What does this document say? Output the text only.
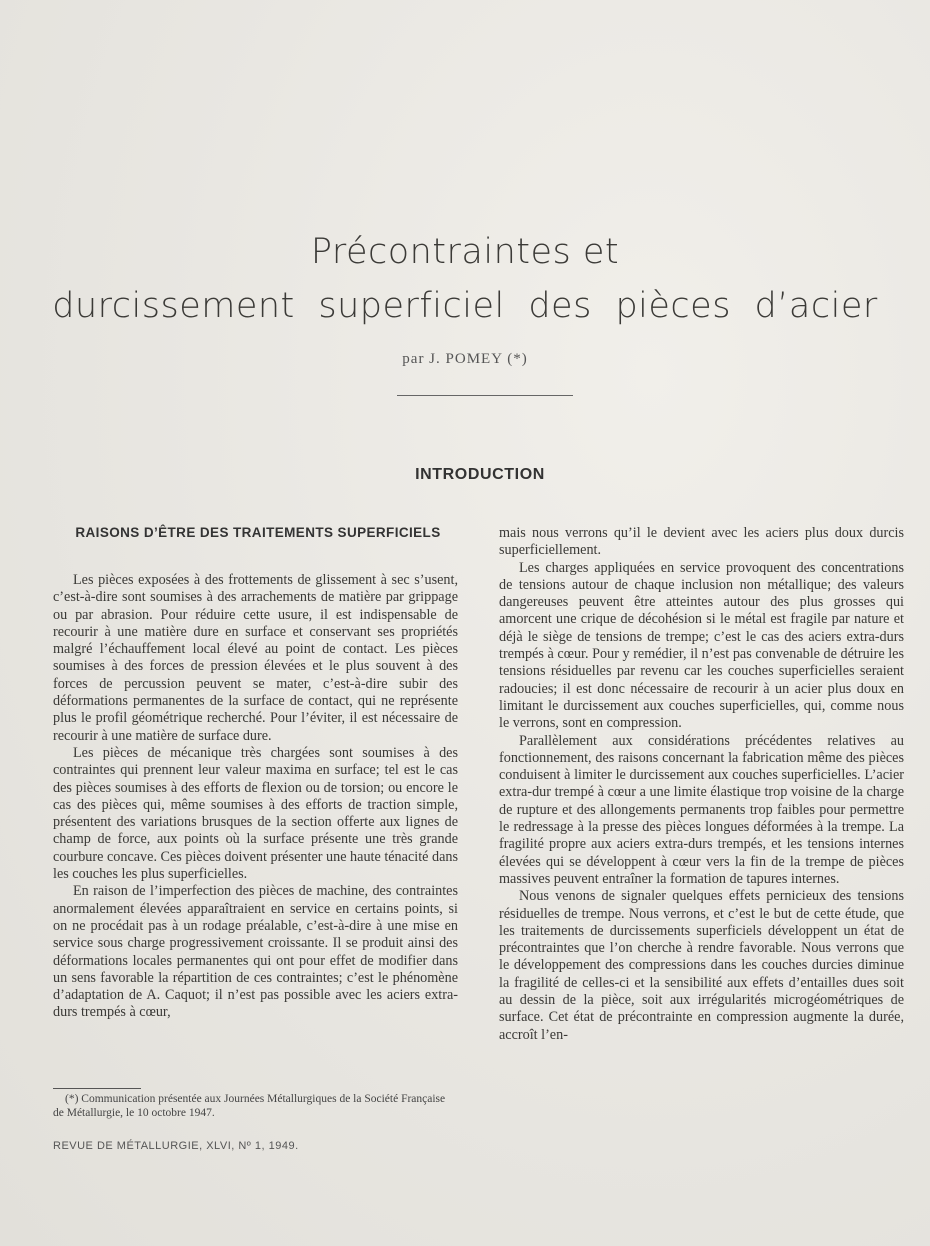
Précontraintes et
durcissement superficiel des pièces d’acier
par J. POMEY (*)
INTRODUCTION
RAISONS D’ÊTRE DES TRAITEMENTS SUPERFICIELS

Les pièces exposées à des frottements de glissement à sec s’usent, c’est-à-dire sont soumises à des arrachements de matière par grippage ou par abrasion. Pour réduire cette usure, il est indispensable de recourir à une matière dure en surface et conservant ses propriétés malgré l’échauffement local élevé au point de contact. Les pièces soumises à des forces de pression élevées et le plus souvent à des forces de percussion peuvent se mater, c’est-à-dire subir des déformations permanentes de la surface de contact, qui ne représente plus le profil géométrique recherché. Pour l’éviter, il est nécessaire de recourir à une matière de surface dure.

Les pièces de mécanique très chargées sont soumises à des contraintes qui prennent leur valeur maxima en surface; tel est le cas des pièces soumises à des efforts de flexion ou de torsion; ou encore le cas des pièces qui, même soumises à des efforts de traction simple, présentent des variations brusques de la section offerte aux lignes de champ de force, aux points où la surface présente une très grande courbure concave. Ces pièces doivent présenter une haute ténacité dans les couches les plus superficielles.

En raison de l’imperfection des pièces de machine, des contraintes anormalement élevées apparaîtraient en service en certains points, si on ne procédait pas à un rodage préalable, c’est-à-dire à une mise en service sous charge progressivement croissante. Il se produit ainsi des déformations locales permanentes qui ont pour effet de modifier dans un sens favorable la répartition de ces contraintes; c’est le phénomène d’adaptation de A. Caquot; il n’est pas possible avec les aciers extra-durs trempés à cœur,

mais nous verrons qu’il le devient avec les aciers plus doux durcis superficiellement.

Les charges appliquées en service provoquent des concentrations de tensions autour de chaque inclusion non métallique; des valeurs dangereuses peuvent être atteintes autour des plus grosses qui amorcent une crique de décohésion si le métal est fragile par nature et déjà le siège de tensions de trempe; c’est le cas des aciers extra-durs trempés à cœur. Pour y remédier, il n’est pas convenable de détruire les tensions résiduelles par revenu car les couches superficielles seraient radoucies; il est donc nécessaire de recourir à un acier plus doux en limitant le durcissement aux couches superficielles, qui, comme nous le verrons, sont en compression.

Parallèlement aux considérations précédentes relatives au fonctionnement, des raisons concernant la fabrication même des pièces conduisent à limiter le durcissement aux couches superficielles. L’acier extra-dur trempé à cœur a une limite élastique trop voisine de la charge de rupture et des allongements permanents trop faibles pour permettre le redressage à la presse des pièces longues déformées à la trempe. La fragilité propre aux aciers extra-durs trempés, et les tensions internes élevées qui se développent à cœur vers la fin de la trempe de pièces massives peuvent entraîner la formation de tapures internes.

Nous venons de signaler quelques effets pernicieux des tensions résiduelles de trempe. Nous verrons, et c’est le but de cette étude, que les traitements de durcissements superficiels développent un état de précontraintes que l’on cherche à rendre favorable. Nous verrons que le développement des compressions dans les couches durcies diminue la fragilité de celles-ci et la sensibilité aux effets d’entailles dues soit au dessin de la pièce, soit aux irrégularités microgéométriques de surface. Cet état de précontrainte en compression augmente la durée, accroît l’en-

(*) Communication présentée aux Journées Métallurgiques de la Société Française de Métallurgie, le 10 octobre 1947.
REVUE DE MÉTALLURGIE, XLVI, Nº 1, 1949.
